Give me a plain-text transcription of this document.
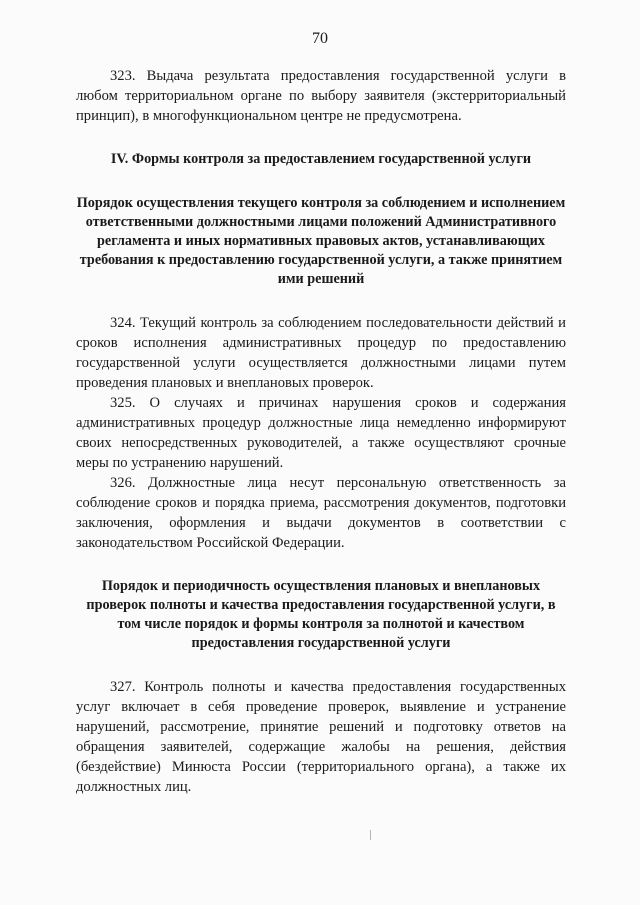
70

323. Выдача результата предоставления государственной услуги в любом территориальном органе по выбору заявителя (экстерриториальный принцип), в многофункциональном центре не предусмотрена.

IV. Формы контроля за предоставлением государственной услуги
Порядок осуществления текущего контроля за соблюдением и исполнением ответственными должностными лицами положений Административного регламента и иных нормативных правовых актов, устанавливающих требования к предоставлению государственной услуги, а также принятием ими решений

324. Текущий контроль за соблюдением последовательности действий и сроков исполнения административных процедур по предоставлению государственной услуги осуществляется должностными лицами путем проведения плановых и внеплановых проверок.

325. О случаях и причинах нарушения сроков и содержания административных процедур должностные лица немедленно информируют своих непосредственных руководителей, а также осуществляют срочные меры по устранению нарушений.

326. Должностные лица несут персональную ответственность за соблюдение сроков и порядка приема, рассмотрения документов, подготовки заключения, оформления и выдачи документов в соответствии с законодательством Российской Федерации.

Порядок и периодичность осуществления плановых и внеплановых проверок полноты и качества предоставления государственной услуги, в том числе порядок и формы контроля за полнотой и качеством предоставления государственной услуги

327. Контроль полноты и качества предоставления государственных услуг включает в себя проведение проверок, выявление и устранение нарушений, рассмотрение, принятие решений и подготовку ответов на обращения заявителей, содержащие жалобы на решения, действия (бездействие) Минюста России (территориального органа), а также их должностных лиц.
